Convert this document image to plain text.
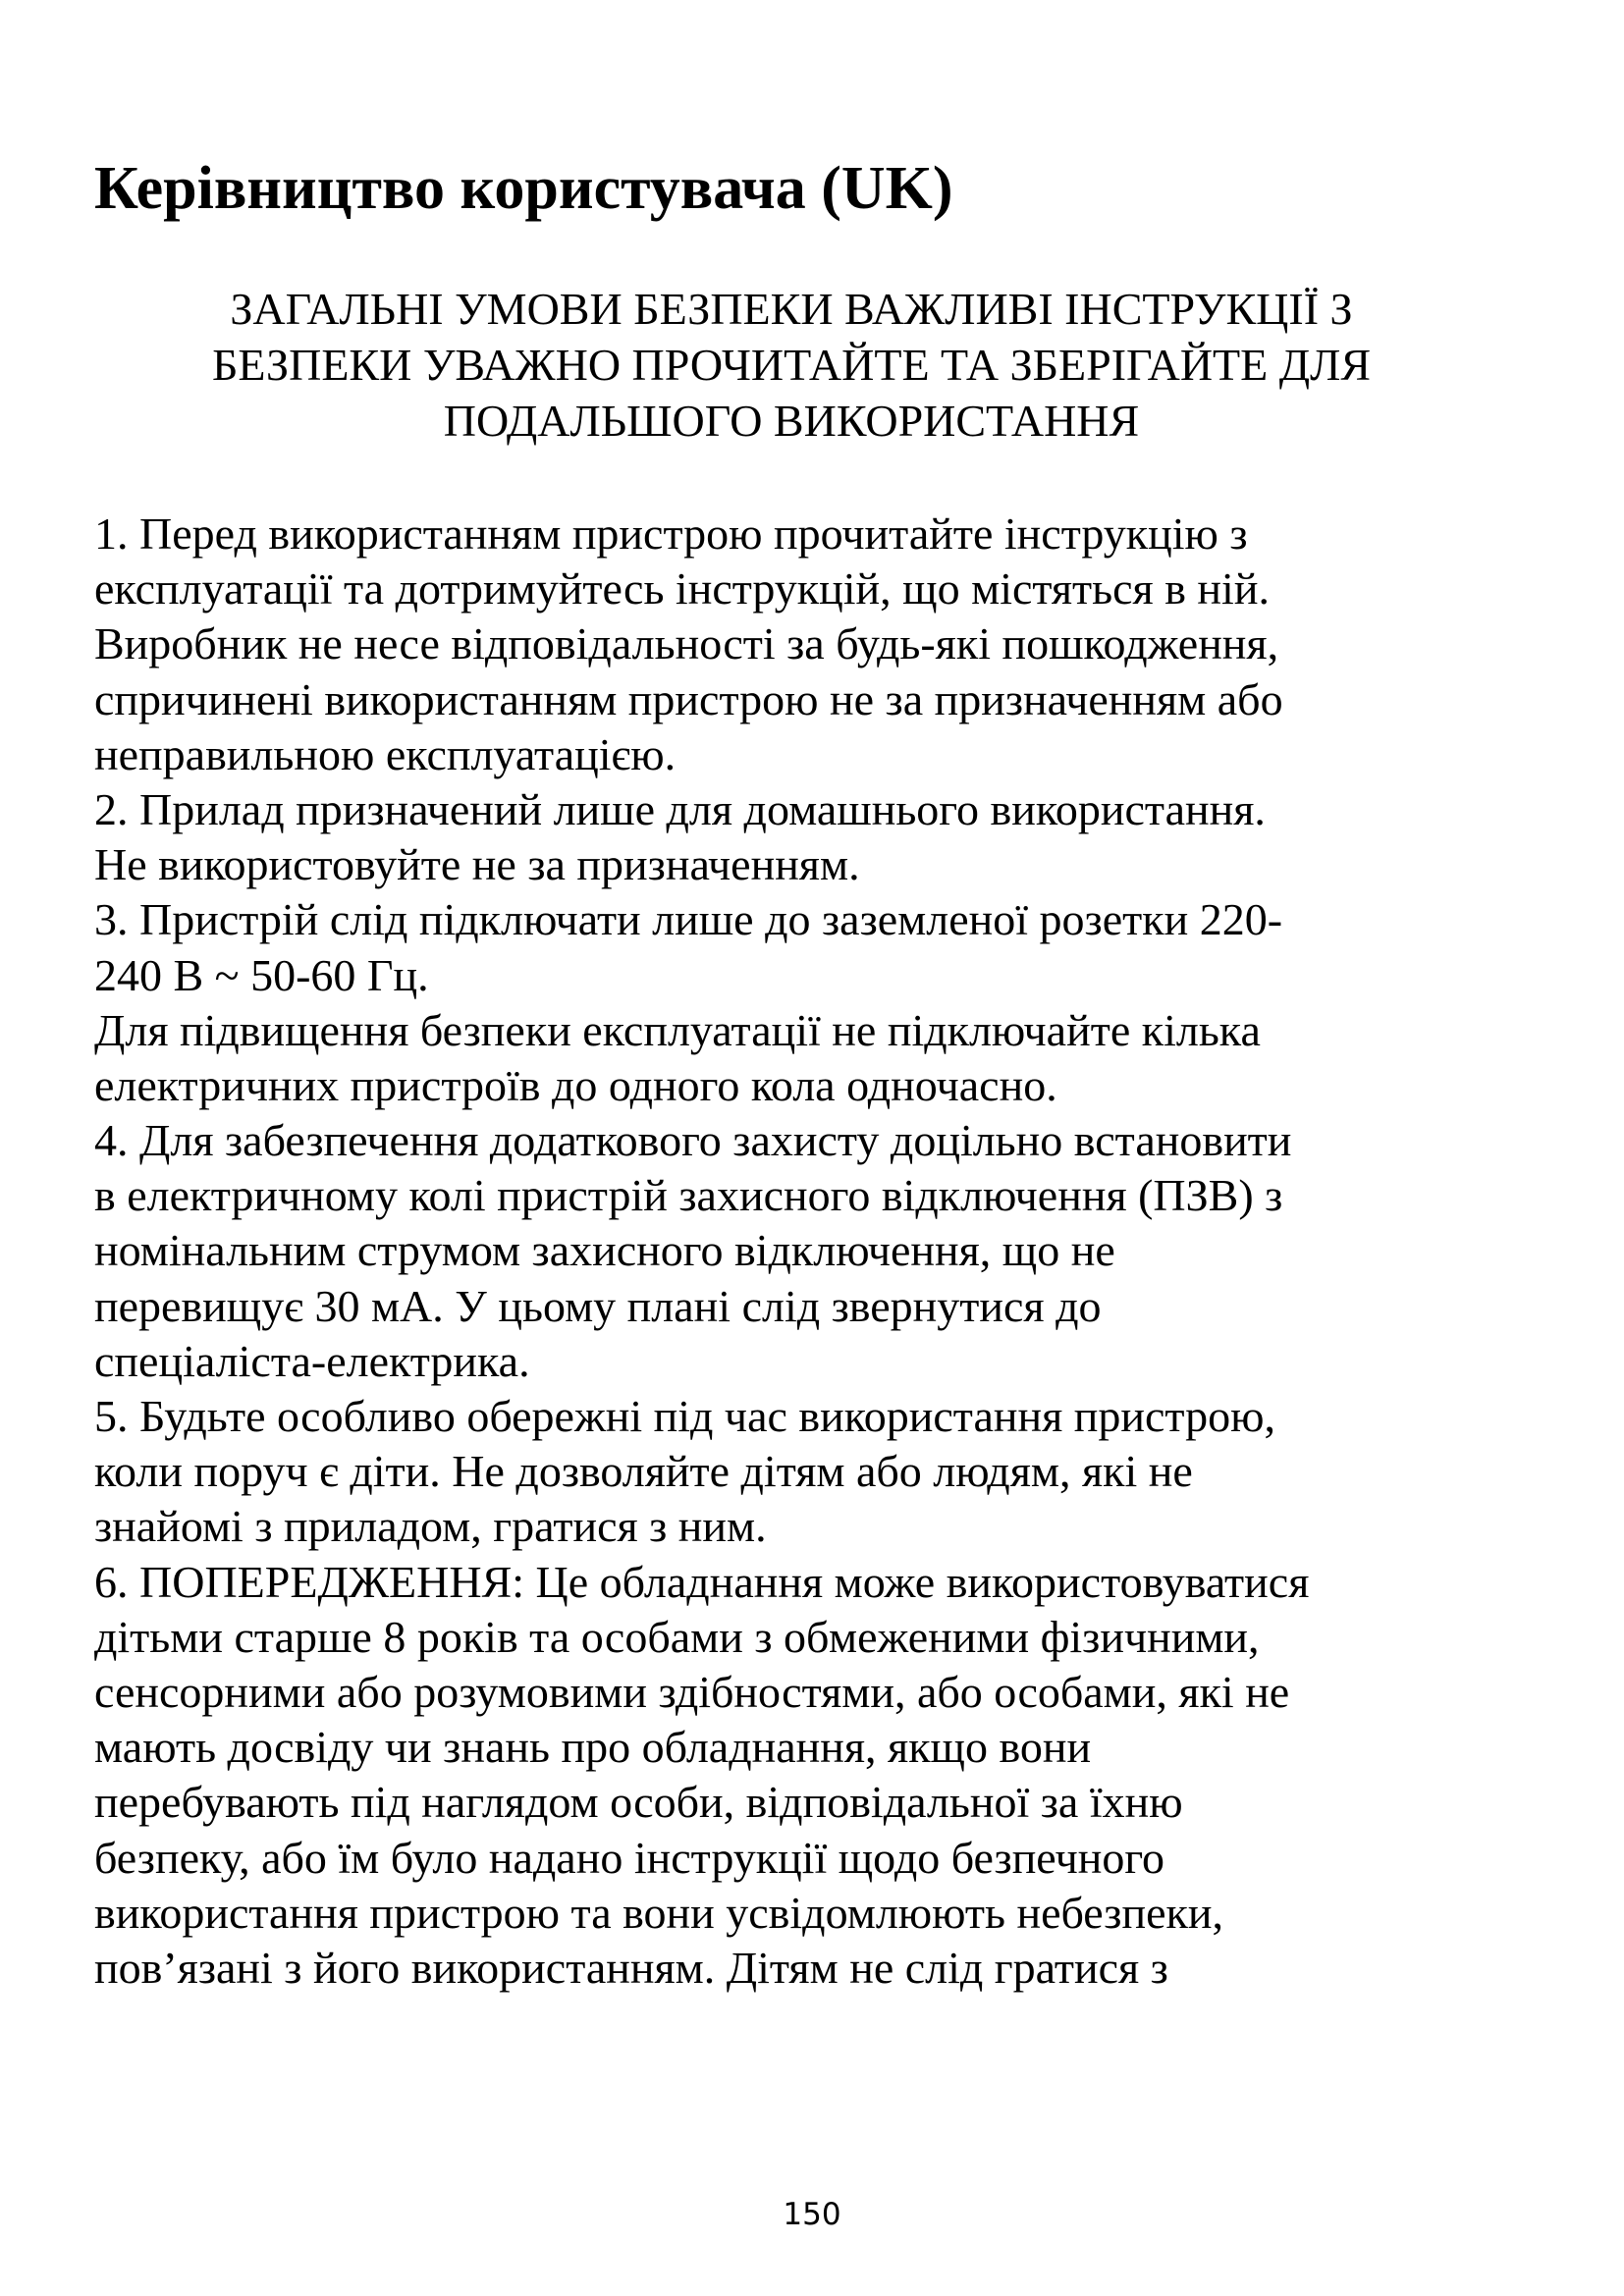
Керівництво користувача (UK)
ЗАГАЛЬНІ УМОВИ БЕЗПЕКИ ВАЖЛИВІ ІНСТРУКЦІЇ З
БЕЗПЕКИ УВАЖНО ПРОЧИТАЙТЕ ТА ЗБЕРІГАЙТЕ ДЛЯ
ПОДАЛЬШОГО ВИКОРИСТАННЯ
1. Перед використанням пристрою прочитайте інструкцію з
експлуатації та дотримуйтесь інструкцій, що містяться в ній.
Виробник не несе відповідальності за будь-які пошкодження,
спричинені використанням пристрою не за призначенням або
неправильною експлуатацією.
2. Прилад призначений лише для домашнього використання.
Не використовуйте не за призначенням.
3. Пристрій слід підключати лише до заземленої розетки 220-
240 В ~ 50-60 Гц.
Для підвищення безпеки експлуатації не підключайте кілька
електричних пристроїв до одного кола одночасно.
4. Для забезпечення додаткового захисту доцільно встановити
в електричному колі пристрій захисного відключення (ПЗВ) з
номінальним струмом захисного відключення, що не
перевищує 30 мА. У цьому плані слід звернутися до
спеціаліста-електрика.
5. Будьте особливо обережні під час використання пристрою,
коли поруч є діти. Не дозволяйте дітям або людям, які не
знайомі з приладом, гратися з ним.
6. ПОПЕРЕДЖЕННЯ: Це обладнання може використовуватися
дітьми старше 8 років та особами з обмеженими фізичними,
сенсорними або розумовими здібностями, або особами, які не
мають досвіду чи знань про обладнання, якщо вони
перебувають під наглядом особи, відповідальної за їхню
безпеку, або їм було надано інструкції щодо безпечного
використання пристрою та вони усвідомлюють небезпеки,
пов’язані з його використанням. Дітям не слід гратися з
150
